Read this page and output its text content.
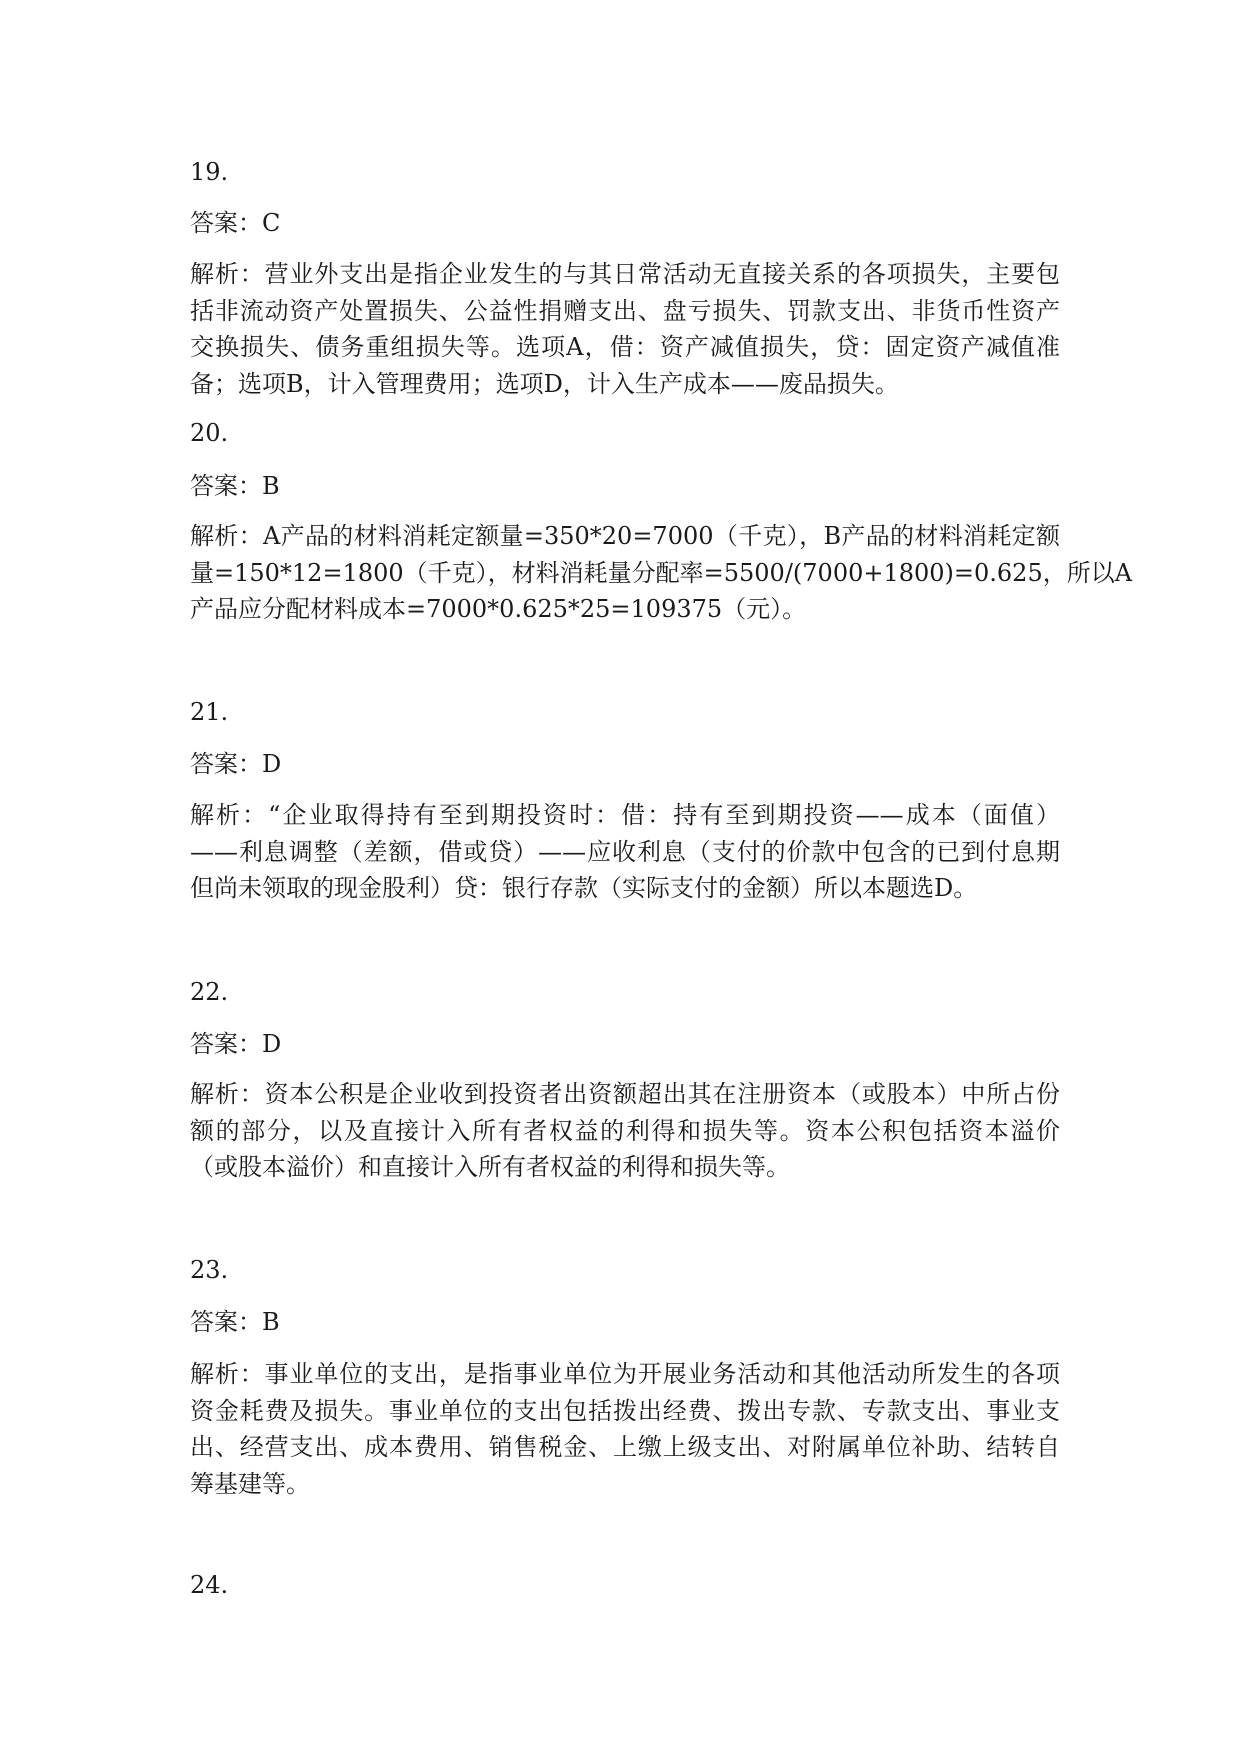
19.
答案：C
解析：营业外支出是指企业发生的与其日常活动无直接关系的各项损失，主要包
括非流动资产处置损失、公益性捐赠支出、盘亏损失、罚款支出、非货币性资产
交换损失、债务重组损失等。选项A，借：资产减值损失，贷：固定资产减值准
备；选项B，计入管理费用；选项D，计入生产成本——废品损失。
20.
答案：B
解析：A产品的材料消耗定额量=350*20=7000（千克），B产品的材料消耗定额
量=150*12=1800（千克），材料消耗量分配率=5500/(7000+1800)=0.625，所以A
产品应分配材料成本=7000*0.625*25=109375（元）。
21.
答案：D
解析：“企业取得持有至到期投资时：借：持有至到期投资——成本（面值）
——利息调整（差额，借或贷）——应收利息（支付的价款中包含的已到付息期
但尚未领取的现金股利）贷：银行存款（实际支付的金额）所以本题选D。
22.
答案：D
解析：资本公积是企业收到投资者出资额超出其在注册资本（或股本）中所占份
额的部分，以及直接计入所有者权益的利得和损失等。资本公积包括资本溢价
（或股本溢价）和直接计入所有者权益的利得和损失等。
23.
答案：B
解析：事业单位的支出，是指事业单位为开展业务活动和其他活动所发生的各项
资金耗费及损失。事业单位的支出包括拨出经费、拨出专款、专款支出、事业支
出、经营支出、成本费用、销售税金、上缴上级支出、对附属单位补助、结转自
筹基建等。
24.
